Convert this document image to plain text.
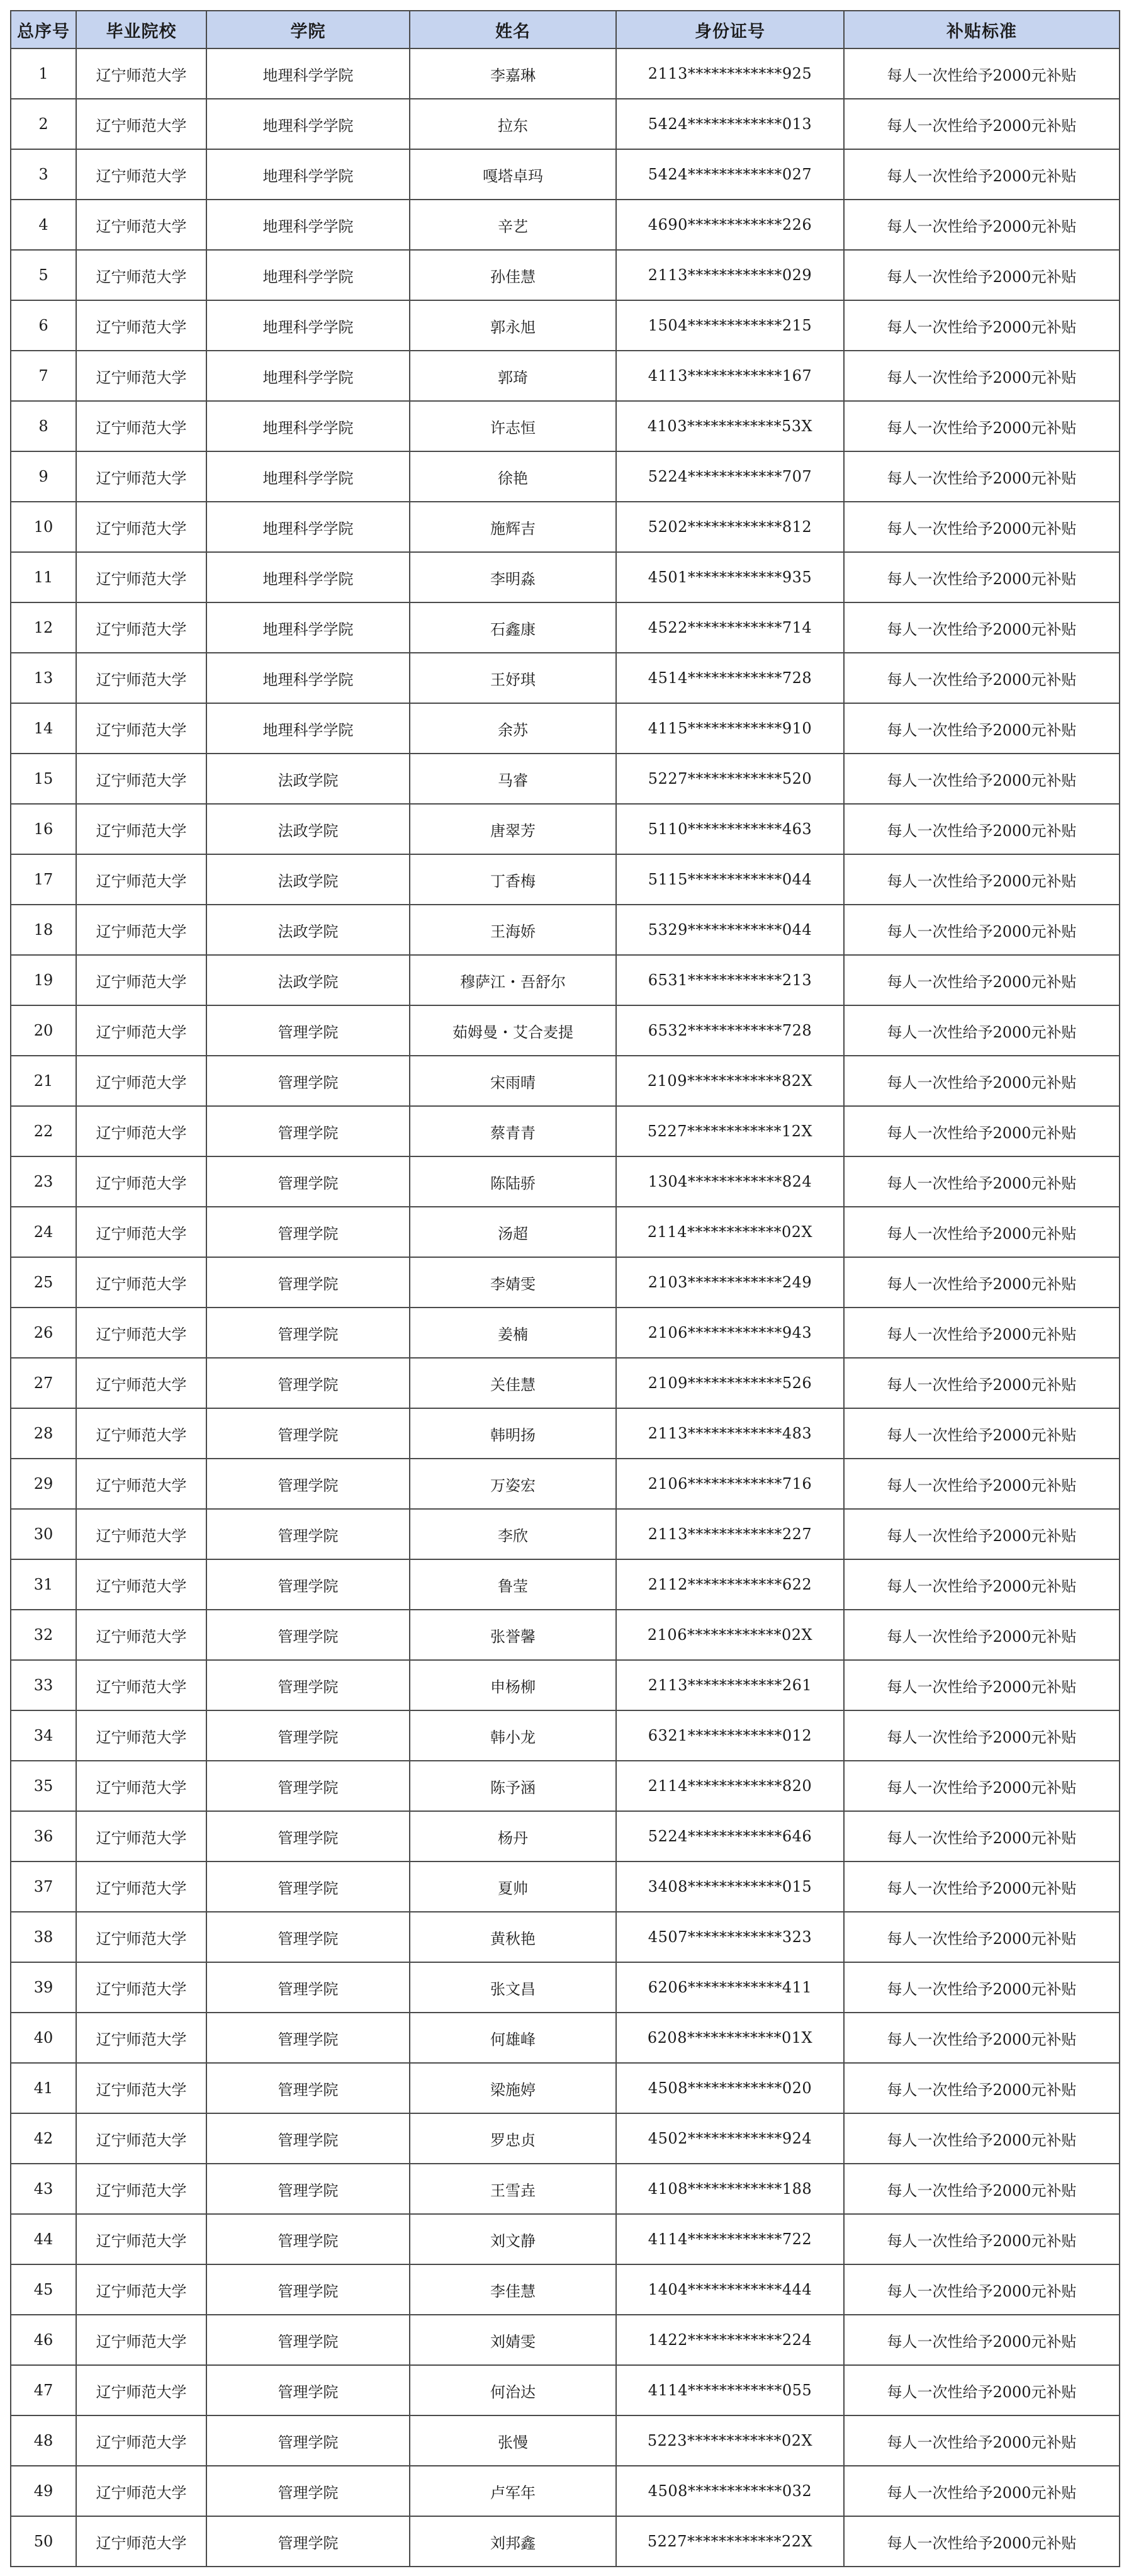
总序号	毕业院校	学院	姓名	身份证号	补贴标准
1	辽宁师范大学	地理科学学院	李嘉琳	2113************925	每人一次性给予2000元补贴
2	辽宁师范大学	地理科学学院	拉东	5424************013	每人一次性给予2000元补贴
3	辽宁师范大学	地理科学学院	嘎塔卓玛	5424************027	每人一次性给予2000元补贴
4	辽宁师范大学	地理科学学院	辛艺	4690************226	每人一次性给予2000元补贴
5	辽宁师范大学	地理科学学院	孙佳慧	2113************029	每人一次性给予2000元补贴
6	辽宁师范大学	地理科学学院	郭永旭	1504************215	每人一次性给予2000元补贴
7	辽宁师范大学	地理科学学院	郭琦	4113************167	每人一次性给予2000元补贴
8	辽宁师范大学	地理科学学院	许志恒	4103************53X	每人一次性给予2000元补贴
9	辽宁师范大学	地理科学学院	徐艳	5224************707	每人一次性给予2000元补贴
10	辽宁师范大学	地理科学学院	施辉吉	5202************812	每人一次性给予2000元补贴
11	辽宁师范大学	地理科学学院	李明淼	4501************935	每人一次性给予2000元补贴
12	辽宁师范大学	地理科学学院	石鑫康	4522************714	每人一次性给予2000元补贴
13	辽宁师范大学	地理科学学院	王妤琪	4514************728	每人一次性给予2000元补贴
14	辽宁师范大学	地理科学学院	余苏	4115************910	每人一次性给予2000元补贴
15	辽宁师范大学	法政学院	马睿	5227************520	每人一次性给予2000元补贴
16	辽宁师范大学	法政学院	唐翠芳	5110************463	每人一次性给予2000元补贴
17	辽宁师范大学	法政学院	丁香梅	5115************044	每人一次性给予2000元补贴
18	辽宁师范大学	法政学院	王海娇	5329************044	每人一次性给予2000元补贴
19	辽宁师范大学	法政学院	穆萨江・吾舒尔	6531************213	每人一次性给予2000元补贴
20	辽宁师范大学	管理学院	茹姆曼・艾合麦提	6532************728	每人一次性给予2000元补贴
21	辽宁师范大学	管理学院	宋雨晴	2109************82X	每人一次性给予2000元补贴
22	辽宁师范大学	管理学院	蔡青青	5227************12X	每人一次性给予2000元补贴
23	辽宁师范大学	管理学院	陈陆骄	1304************824	每人一次性给予2000元补贴
24	辽宁师范大学	管理学院	汤超	2114************02X	每人一次性给予2000元补贴
25	辽宁师范大学	管理学院	李婧雯	2103************249	每人一次性给予2000元补贴
26	辽宁师范大学	管理学院	姜楠	2106************943	每人一次性给予2000元补贴
27	辽宁师范大学	管理学院	关佳慧	2109************526	每人一次性给予2000元补贴
28	辽宁师范大学	管理学院	韩明扬	2113************483	每人一次性给予2000元补贴
29	辽宁师范大学	管理学院	万姿宏	2106************716	每人一次性给予2000元补贴
30	辽宁师范大学	管理学院	李欣	2113************227	每人一次性给予2000元补贴
31	辽宁师范大学	管理学院	鲁莹	2112************622	每人一次性给予2000元补贴
32	辽宁师范大学	管理学院	张誉馨	2106************02X	每人一次性给予2000元补贴
33	辽宁师范大学	管理学院	申杨柳	2113************261	每人一次性给予2000元补贴
34	辽宁师范大学	管理学院	韩小龙	6321************012	每人一次性给予2000元补贴
35	辽宁师范大学	管理学院	陈予涵	2114************820	每人一次性给予2000元补贴
36	辽宁师范大学	管理学院	杨丹	5224************646	每人一次性给予2000元补贴
37	辽宁师范大学	管理学院	夏帅	3408************015	每人一次性给予2000元补贴
38	辽宁师范大学	管理学院	黄秋艳	4507************323	每人一次性给予2000元补贴
39	辽宁师范大学	管理学院	张文昌	6206************411	每人一次性给予2000元补贴
40	辽宁师范大学	管理学院	何雄峰	6208************01X	每人一次性给予2000元补贴
41	辽宁师范大学	管理学院	梁施婷	4508************020	每人一次性给予2000元补贴
42	辽宁师范大学	管理学院	罗忠贞	4502************924	每人一次性给予2000元补贴
43	辽宁师范大学	管理学院	王雪垚	4108************188	每人一次性给予2000元补贴
44	辽宁师范大学	管理学院	刘文静	4114************722	每人一次性给予2000元补贴
45	辽宁师范大学	管理学院	李佳慧	1404************444	每人一次性给予2000元补贴
46	辽宁师范大学	管理学院	刘婧雯	1422************224	每人一次性给予2000元补贴
47	辽宁师范大学	管理学院	何治达	4114************055	每人一次性给予2000元补贴
48	辽宁师范大学	管理学院	张慢	5223************02X	每人一次性给予2000元补贴
49	辽宁师范大学	管理学院	卢军年	4508************032	每人一次性给予2000元补贴
50	辽宁师范大学	管理学院	刘邦鑫	5227************22X	每人一次性给予2000元补贴
